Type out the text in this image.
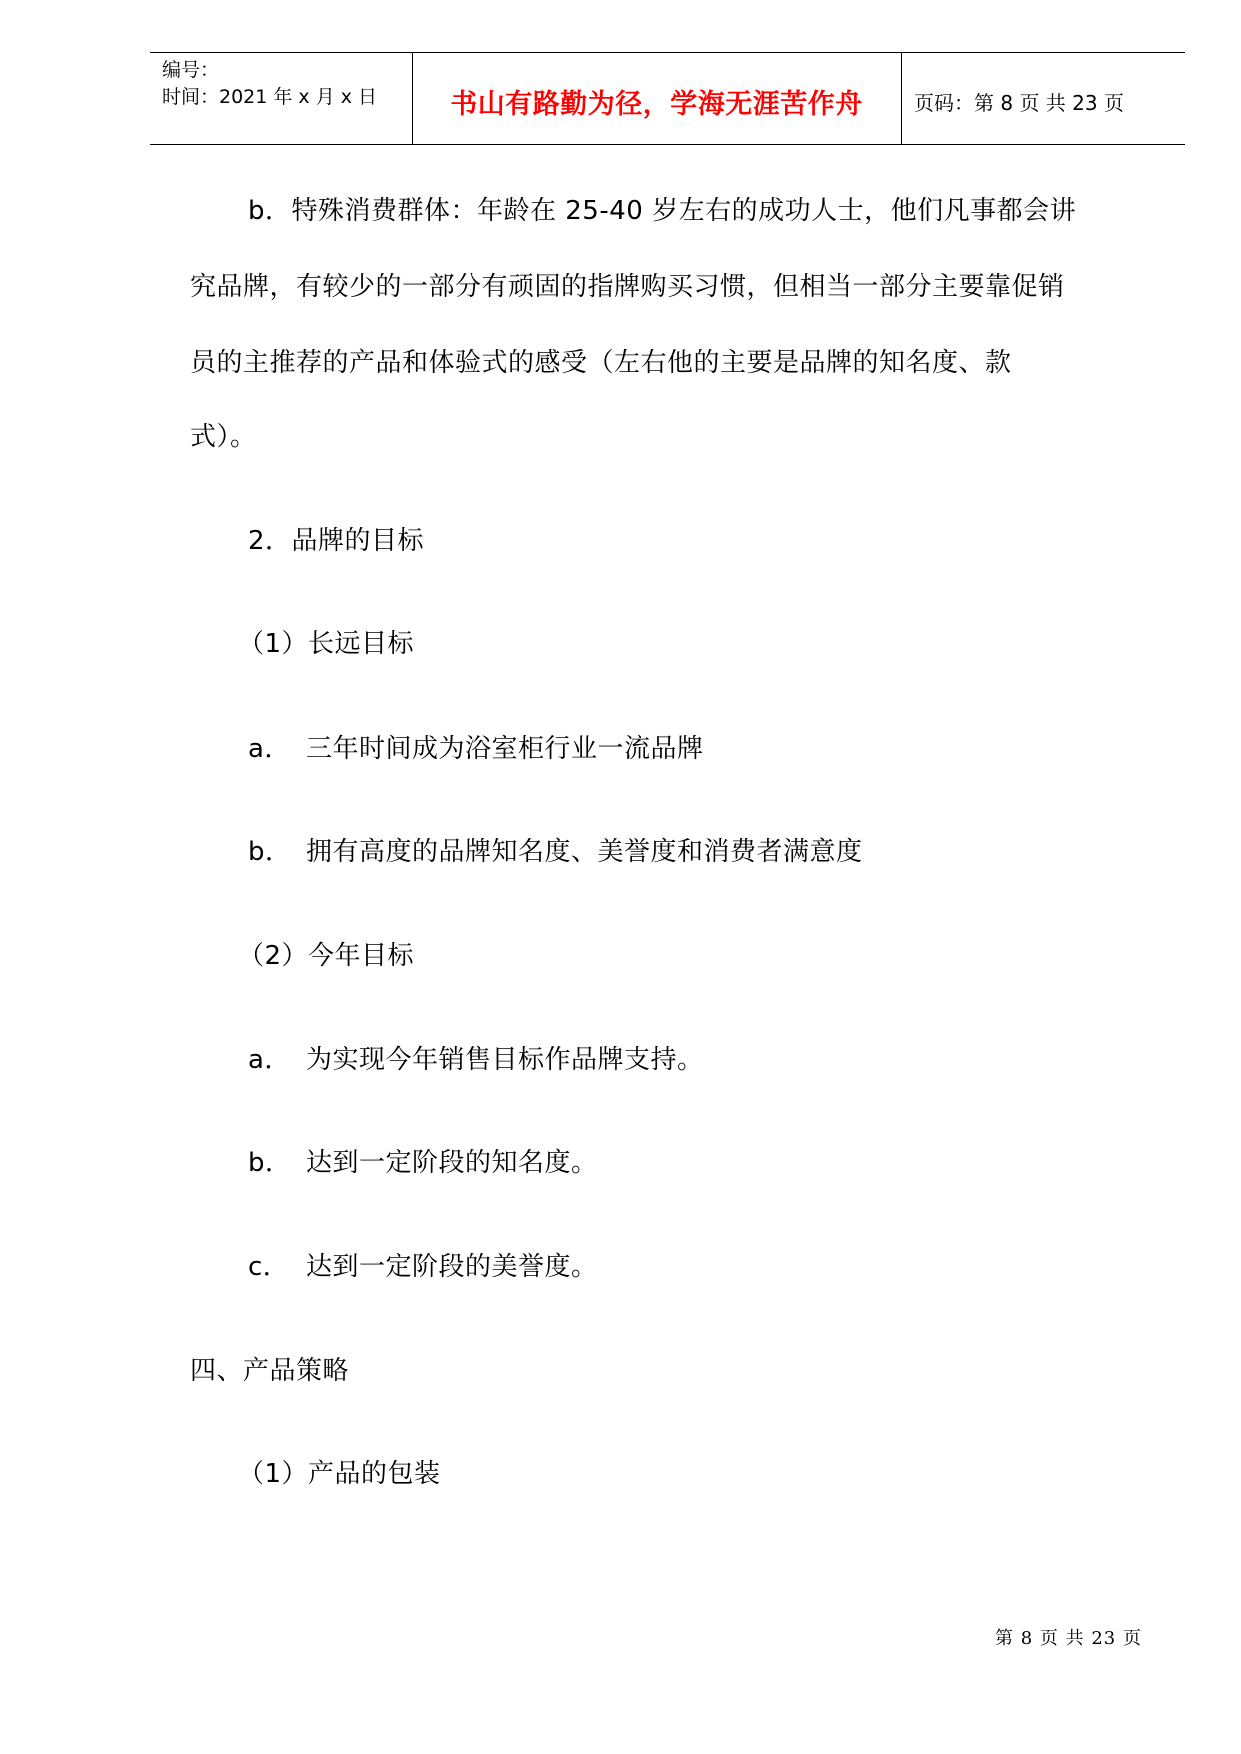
编号：
时间：2021 年 x 月 x 日	书山有路勤为径，学海无涯苦作舟	页码：第 8 页 共 23 页
b．特殊消费群体：年龄在 25-40 岁左右的成功人士，他们凡事都会讲
究品牌，有较少的一部分有顽固的指牌购买习惯，但相当一部分主要靠促销
员的主推荐的产品和体验式的感受（左右他的主要是品牌的知名度、款
式）。
2．品牌的目标
（1）长远目标
a． 三年时间成为浴室柜行业一流品牌
b． 拥有高度的品牌知名度、美誉度和消费者满意度
（2）今年目标
a． 为实现今年销售目标作品牌支持。
b． 达到一定阶段的知名度。
c． 达到一定阶段的美誉度。
四、产品策略
（1）产品的包装
第 8 页 共 23 页
